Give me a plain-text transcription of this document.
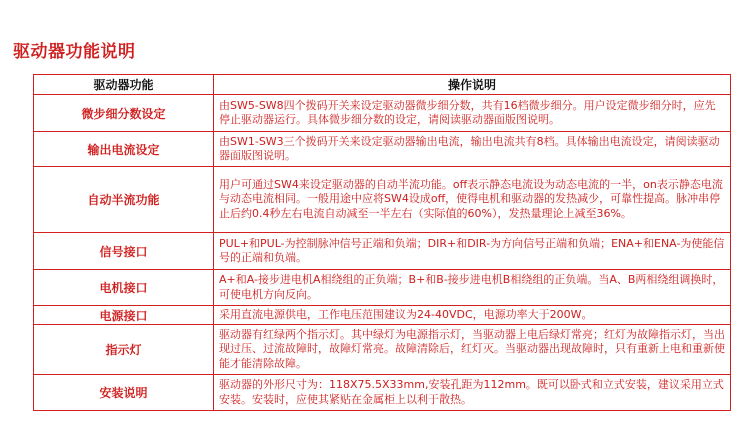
驱动器功能说明
驱动器功能	操作说明
微步细分数设定	由SW5-SW8四个拨码开关来设定驱动器微步细分数，共有16档微步细分。用户设定微步细分时，应先停止驱动器运行。具体微步细分数的设定，请阅读驱动器面版图说明。
输出电流设定	由SW1-SW3三个拨码开关来设定驱动器输出电流，输出电流共有8档。具体输出电流设定，请阅读驱动器面版图说明。
自动半流功能	用户可通过SW4来设定驱动器的自动半流功能。off表示静态电流设为动态电流的一半，on表示静态电流与动态电流相同。一般用途中应将SW4设成off，使得电机和驱动器的发热减少，可靠性提高。脉冲串停止后约0.4秒左右电流自动减至一半左右（实际值的60%），发热量理论上减至36%。
信号接口	PUL+和PUL-为控制脉冲信号正端和负端；DIR+和DIR-为方向信号正端和负端；ENA+和ENA-为使能信号的正端和负端。
电机接口	A+和A-接步进电机A相绕组的正负端；B+和B-接步进电机B相绕组的正负端。当A、B两相绕组调换时，可使电机方向反向。
电源接口	采用直流电源供电，工作电压范围建议为24-40VDC，电源功率大于200W。
指示灯	驱动器有红绿两个指示灯。其中绿灯为电源指示灯，当驱动器上电后绿灯常亮；红灯为故障指示灯，当出现过压、过流故障时，故障灯常亮。故障清除后，红灯灭。当驱动器出现故障时，只有重新上电和重新使能才能清除故障。
安装说明	驱动器的外形尺寸为：118X75.5X33mm,安装孔距为112mm。既可以卧式和立式安装，建议采用立式安装。安装时，应使其紧贴在金属柜上以利于散热。
